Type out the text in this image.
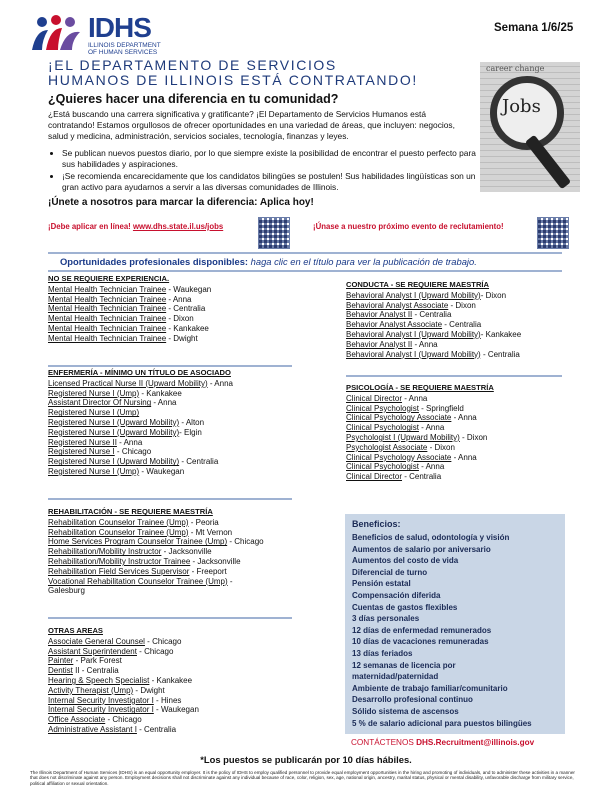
IDHS
ILLINOIS DEPARTMENT
OF HUMAN SERVICES
Semana 1/6/25
¡EL DEPARTAMENTO DE SERVICIOS
HUMANOS DE ILLINOIS ESTÁ CONTRATANDO!
¿Quieres hacer una diferencia en tu comunidad?
¿Está buscando una carrera significativa y gratificante? ¡El Departamento de Servicios Humanos está contratando! Estamos orgullosos de ofrecer oportunidades en una variedad de áreas, que incluyen: negocios, salud y medicina, administración, servicios sociales, tecnología, finanzas y leyes.
• Se publican nuevos puestos diario, por lo que siempre existe la posibilidad de encontrar el puesto perfecto para sus habilidades y aspiraciones.
• ¡Se recomienda encarecidamente que los candidatos bilingües se postulen! Sus habilidades lingüísticas son un gran activo para ayudarnos a servir a las diversas comunidades de Illinois.
¡Únete a nosotros para marcar la diferencia: Aplica hoy!
career change
Jobs
¡Debe aplicar en línea! www.dhs.state.il.us/jobs	¡Únase a nuestro próximo evento de reclutamiento!
Oportunidades profesionales disponibles: haga clic en el título para ver la publicación de trabajo.
NO SE REQUIERE EXPERIENCIA.
Mental Health Technician Trainee - Waukegan
Mental Health Technician Trainee - Anna
Mental Health Technician Trainee - Centralia
Mental Health Technician Trainee - Dixon
Mental Health Technician Trainee - Kankakee
Mental Health Technician Trainee - Dwight
ENFERMERÍA - MÍNIMO UN TÍTULO DE ASOCIADO
Licensed Practical Nurse II (Upward Mobility) - Anna
Registered Nurse I (Ump) - Kankakee
Assistant Director Of Nursing - Anna
Registered Nurse I (Ump)
Registered Nurse I (Upward Mobility) - Alton
Registered Nurse I (Upward Mobility)- Elgin
Registered Nurse II - Anna
Registered Nurse I - Chicago
Registered Nurse I (Upward Mobility) - Centralia
Registered Nurse I (Ump) - Waukegan
REHABILITACIÓN - SE REQUIERE MAESTRÍA
Rehabilitation Counselor Trainee (Ump) - Peoria
Rehabilitation Counselor Trainee (Ump) - Mt Vernon
Home Services Program Counselor Trainee (Ump) - Chicago
Rehabilitation/Mobility Instructor - Jacksonville
Rehabilitation/Mobility Instructor Trainee - Jacksonville
Rehabilitation Field Services Supervisor - Freeport
Vocational Rehabilitation Counselor Trainee (Ump) -
Galesburg
OTRAS AREAS
Associate General Counsel - Chicago
Assistant Superintendent - Chicago
Painter - Park Forest
Dentist II - Centralia
Hearing & Speech Specialist - Kankakee
Activity Therapist (Ump) - Dwight
Internal Security Investigator I - Hines
Internal Security Investigator I - Waukegan
Office Associate - Chicago
Administrative Assistant I - Centralia
CONDUCTA - SE REQUIERE MAESTRÍA
Behavioral Analyst I (Upward Mobility)- Dixon
Behavioral Analyst Associate - Dixon
Behavior Analyst II - Centralia
Behavior Analyst Associate - Centralia
Behavioral Analyst I (Upward Mobility)- Kankakee
Behavior Analyst II - Anna
Behavioral Analyst I (Upward Mobility) - Centralia
PSICOLOGÍA - SE REQUIERE MAESTRÍA
Clinical Director - Anna
Clinical Psychologist - Springfield
Clinical Psychology Associate - Anna
Clinical Psychologist - Anna
Psychologist I (Upward Mobility) - Dixon
Psychologist Associate - Dixon
Clinical Psychology Associate - Anna
Clinical Psychologist - Anna
Clinical Director - Centralia
Beneficios:
Beneficios de salud, odontología y visión
Aumentos de salario por aniversario
Aumentos del costo de vida
Diferencial de turno
Pensión estatal
Compensación diferida
Cuentas de gastos flexibles
3 días personales
12 días de enfermedad remunerados
10 días de vacaciones remuneradas
13 días feriados
12 semanas de licencia por
maternidad/paternidad
Ambiente de trabajo familiar/comunitario
Desarrollo profesional continuo
Sólido sistema de ascensos
5 % de salario adicional para puestos bilingües
CONTÁCTENOS DHS.Recruitment@illinois.gov
*Los puestos se publicarán por 10 días hábiles.
The Illinois Department of Human Services (IDHS) is an equal opportunity employer. It is the policy of IDHS to employ qualified personnel to provide equal employment opportunities in the hiring and promoting of individuals, and to administer these activities in a manner that does not discriminate against any person. Employment decisions shall not discriminate against any individual because of race, color, religion, sex, age, national origin, ancestry, marital status, physical or mental disability, unfavorable discharge from military service, political affiliation or sexual orientation.
